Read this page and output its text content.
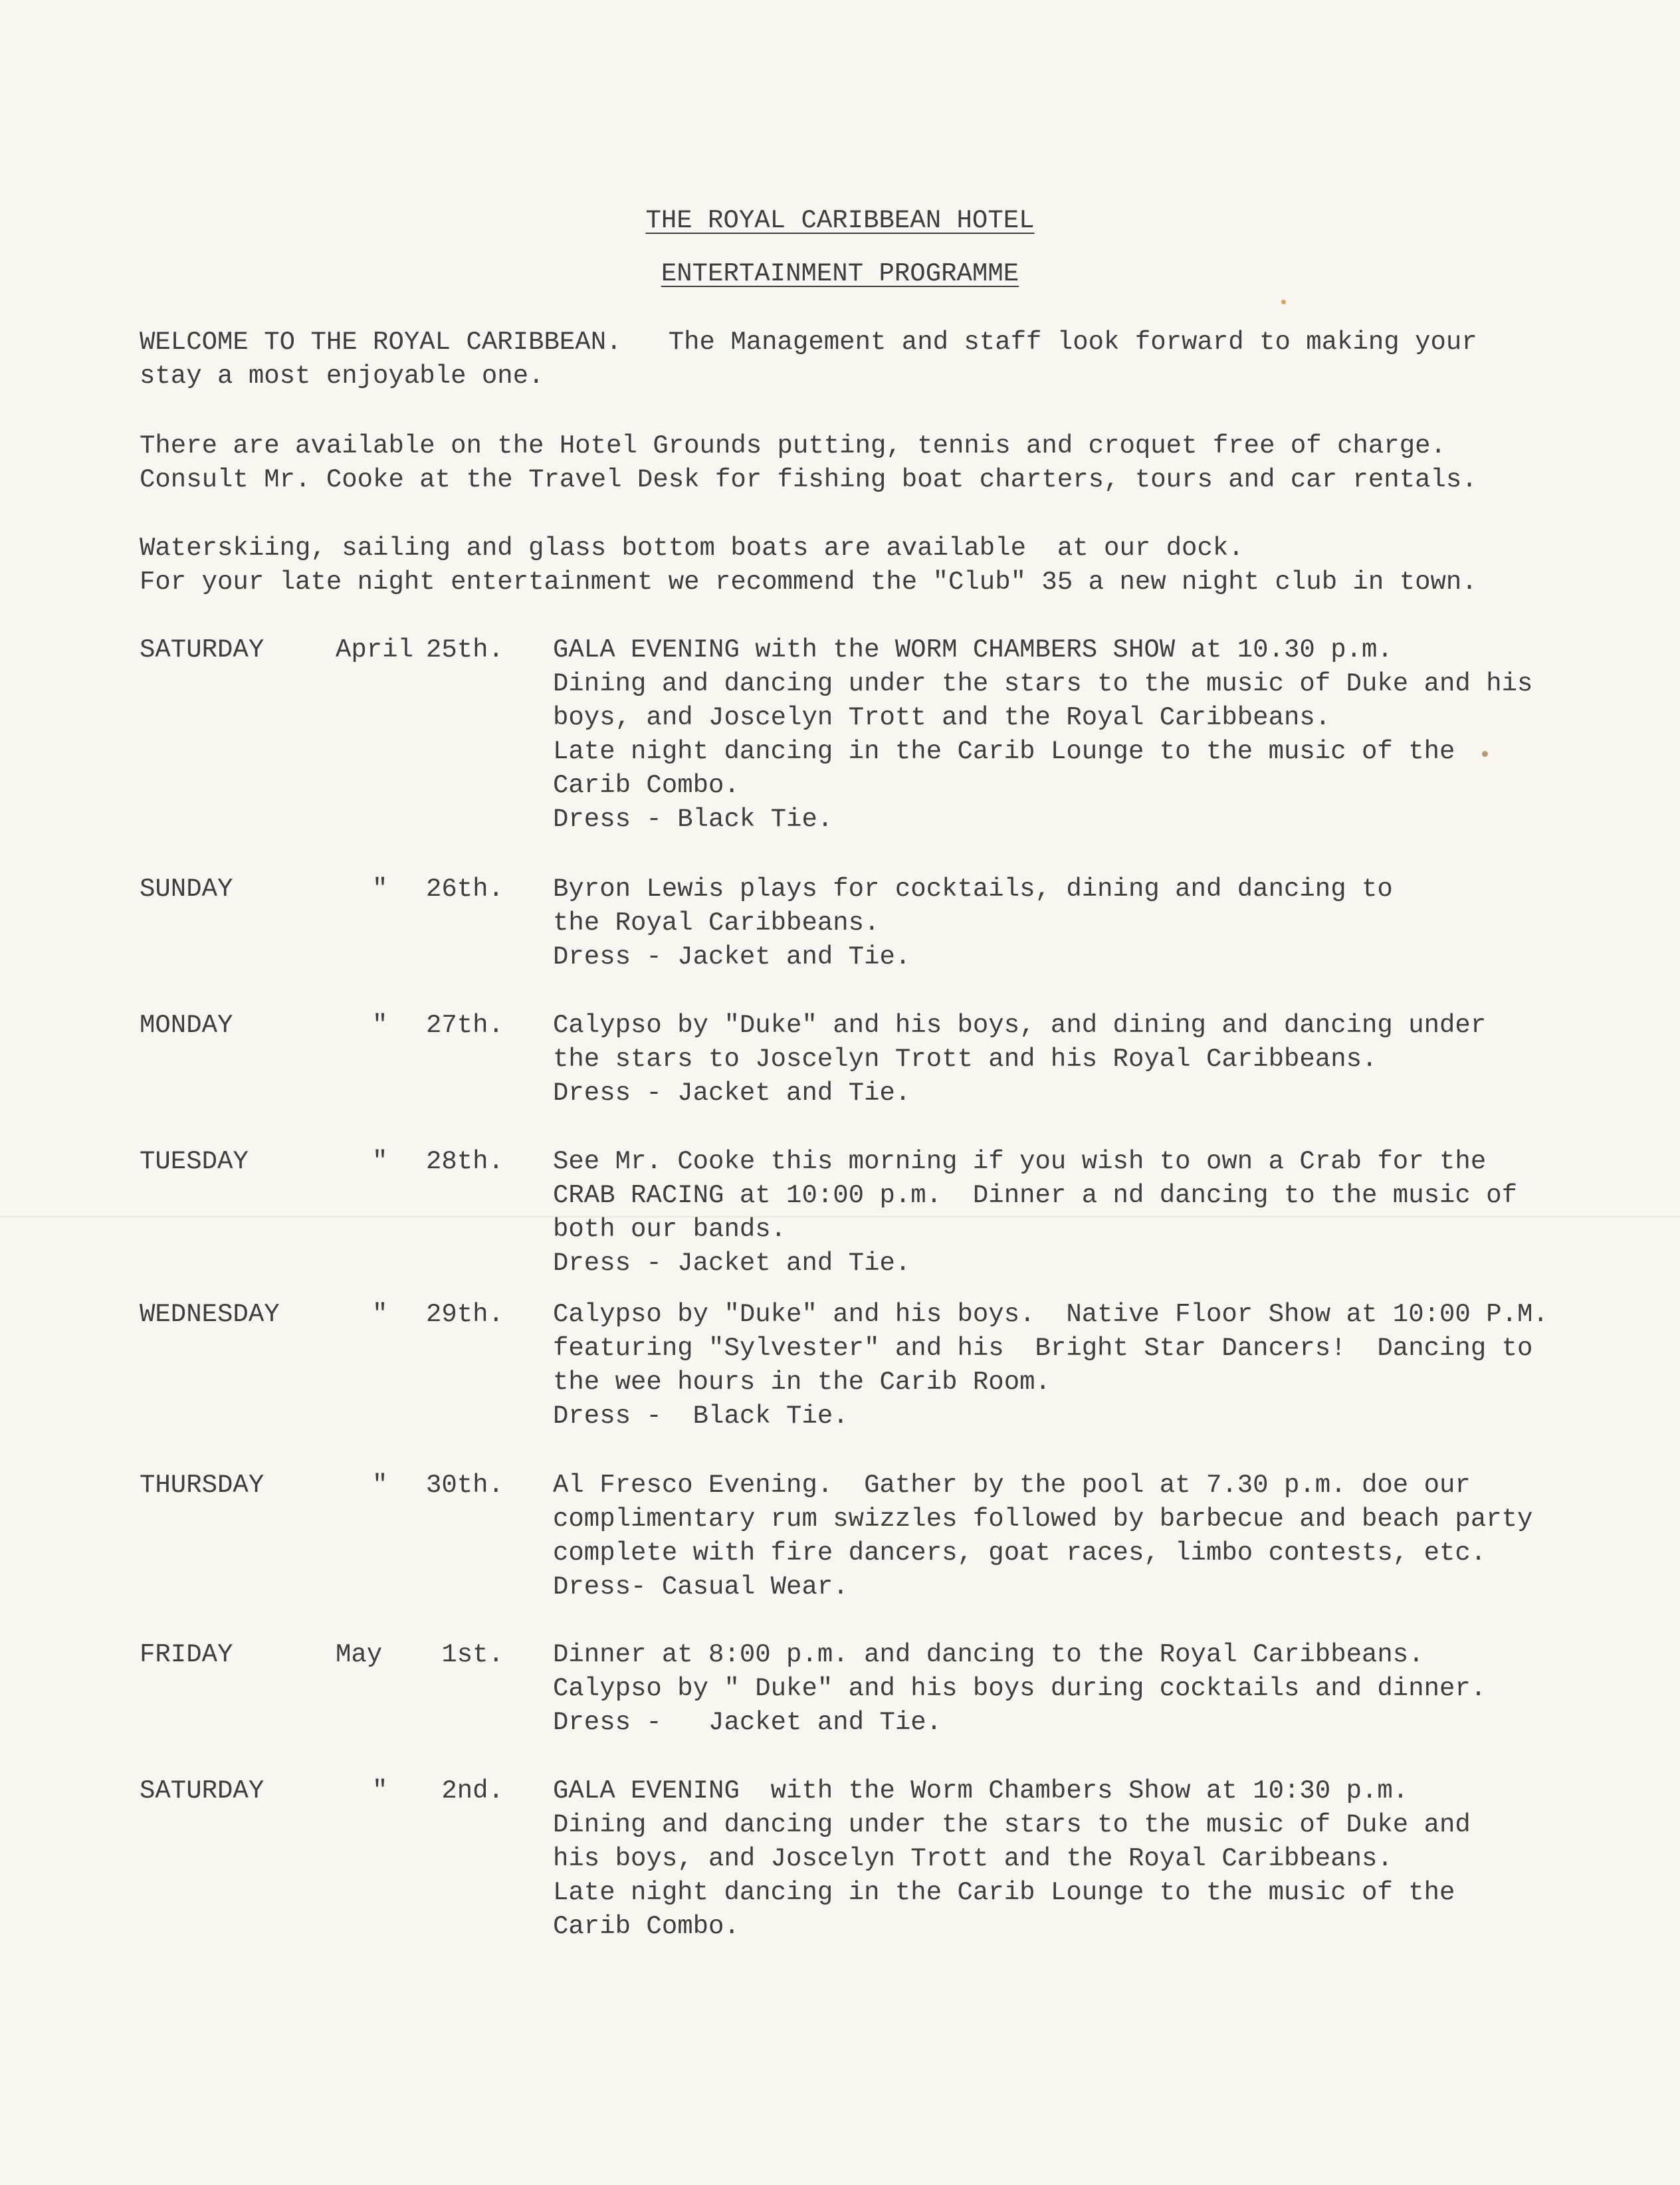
THE ROYAL CARIBBEAN HOTEL
ENTERTAINMENT PROGRAMME
WELCOME TO THE ROYAL CARIBBEAN.   The Management and staff look forward to making your
stay a most enjoyable one.
There are available on the Hotel Grounds putting, tennis and croquet free of charge.
Consult Mr. Cooke at the Travel Desk for fishing boat charters, tours and car rentals.
Waterskiing, sailing and glass bottom boats are available  at our dock.
For your late night entertainment we recommend the "Club" 35 a new night club in town.
SATURDAY	April 25th. GALA EVENING with the WORM CHAMBERS SHOW at 10.30 p.m.
Dining and dancing under the stars to the music of Duke and his
boys, and Joscelyn Trott and the Royal Caribbeans.
Late night dancing in the Carib Lounge to the music of the
Carib Combo.
Dress - Black Tie.
SUNDAY	" 26th. Byron Lewis plays for cocktails, dining and dancing to
the Royal Caribbeans.
Dress - Jacket and Tie.
MONDAY	" 27th. Calypso by "Duke" and his boys, and dining and dancing under
the stars to Joscelyn Trott and his Royal Caribbeans.
Dress - Jacket and Tie.
TUESDAY	" 28th. See Mr. Cooke this morning if you wish to own a Crab for the
CRAB RACING at 10:00 p.m.  Dinner a nd dancing to the music of
both our bands.
Dress - Jacket and Tie.
WEDNESDAY	" 29th. Calypso by "Duke" and his boys.  Native Floor Show at 10:00 P.M.
featuring "Sylvester" and his  Bright Star Dancers!  Dancing to
the wee hours in the Carib Room.
Dress -  Black Tie.
THURSDAY	" 30th. Al Fresco Evening.  Gather by the pool at 7.30 p.m. doe our
complimentary rum swizzles followed by barbecue and beach party
complete with fire dancers, goat races, limbo contests, etc.
Dress- Casual Wear.
FRIDAY	May 1st. Dinner at 8:00 p.m. and dancing to the Royal Caribbeans.
Calypso by " Duke" and his boys during cocktails and dinner.
Dress -   Jacket and Tie.
SATURDAY	" 2nd. GALA EVENING  with the Worm Chambers Show at 10:30 p.m.
Dining and dancing under the stars to the music of Duke and
his boys, and Joscelyn Trott and the Royal Caribbeans.
Late night dancing in the Carib Lounge to the music of the
Carib Combo.
